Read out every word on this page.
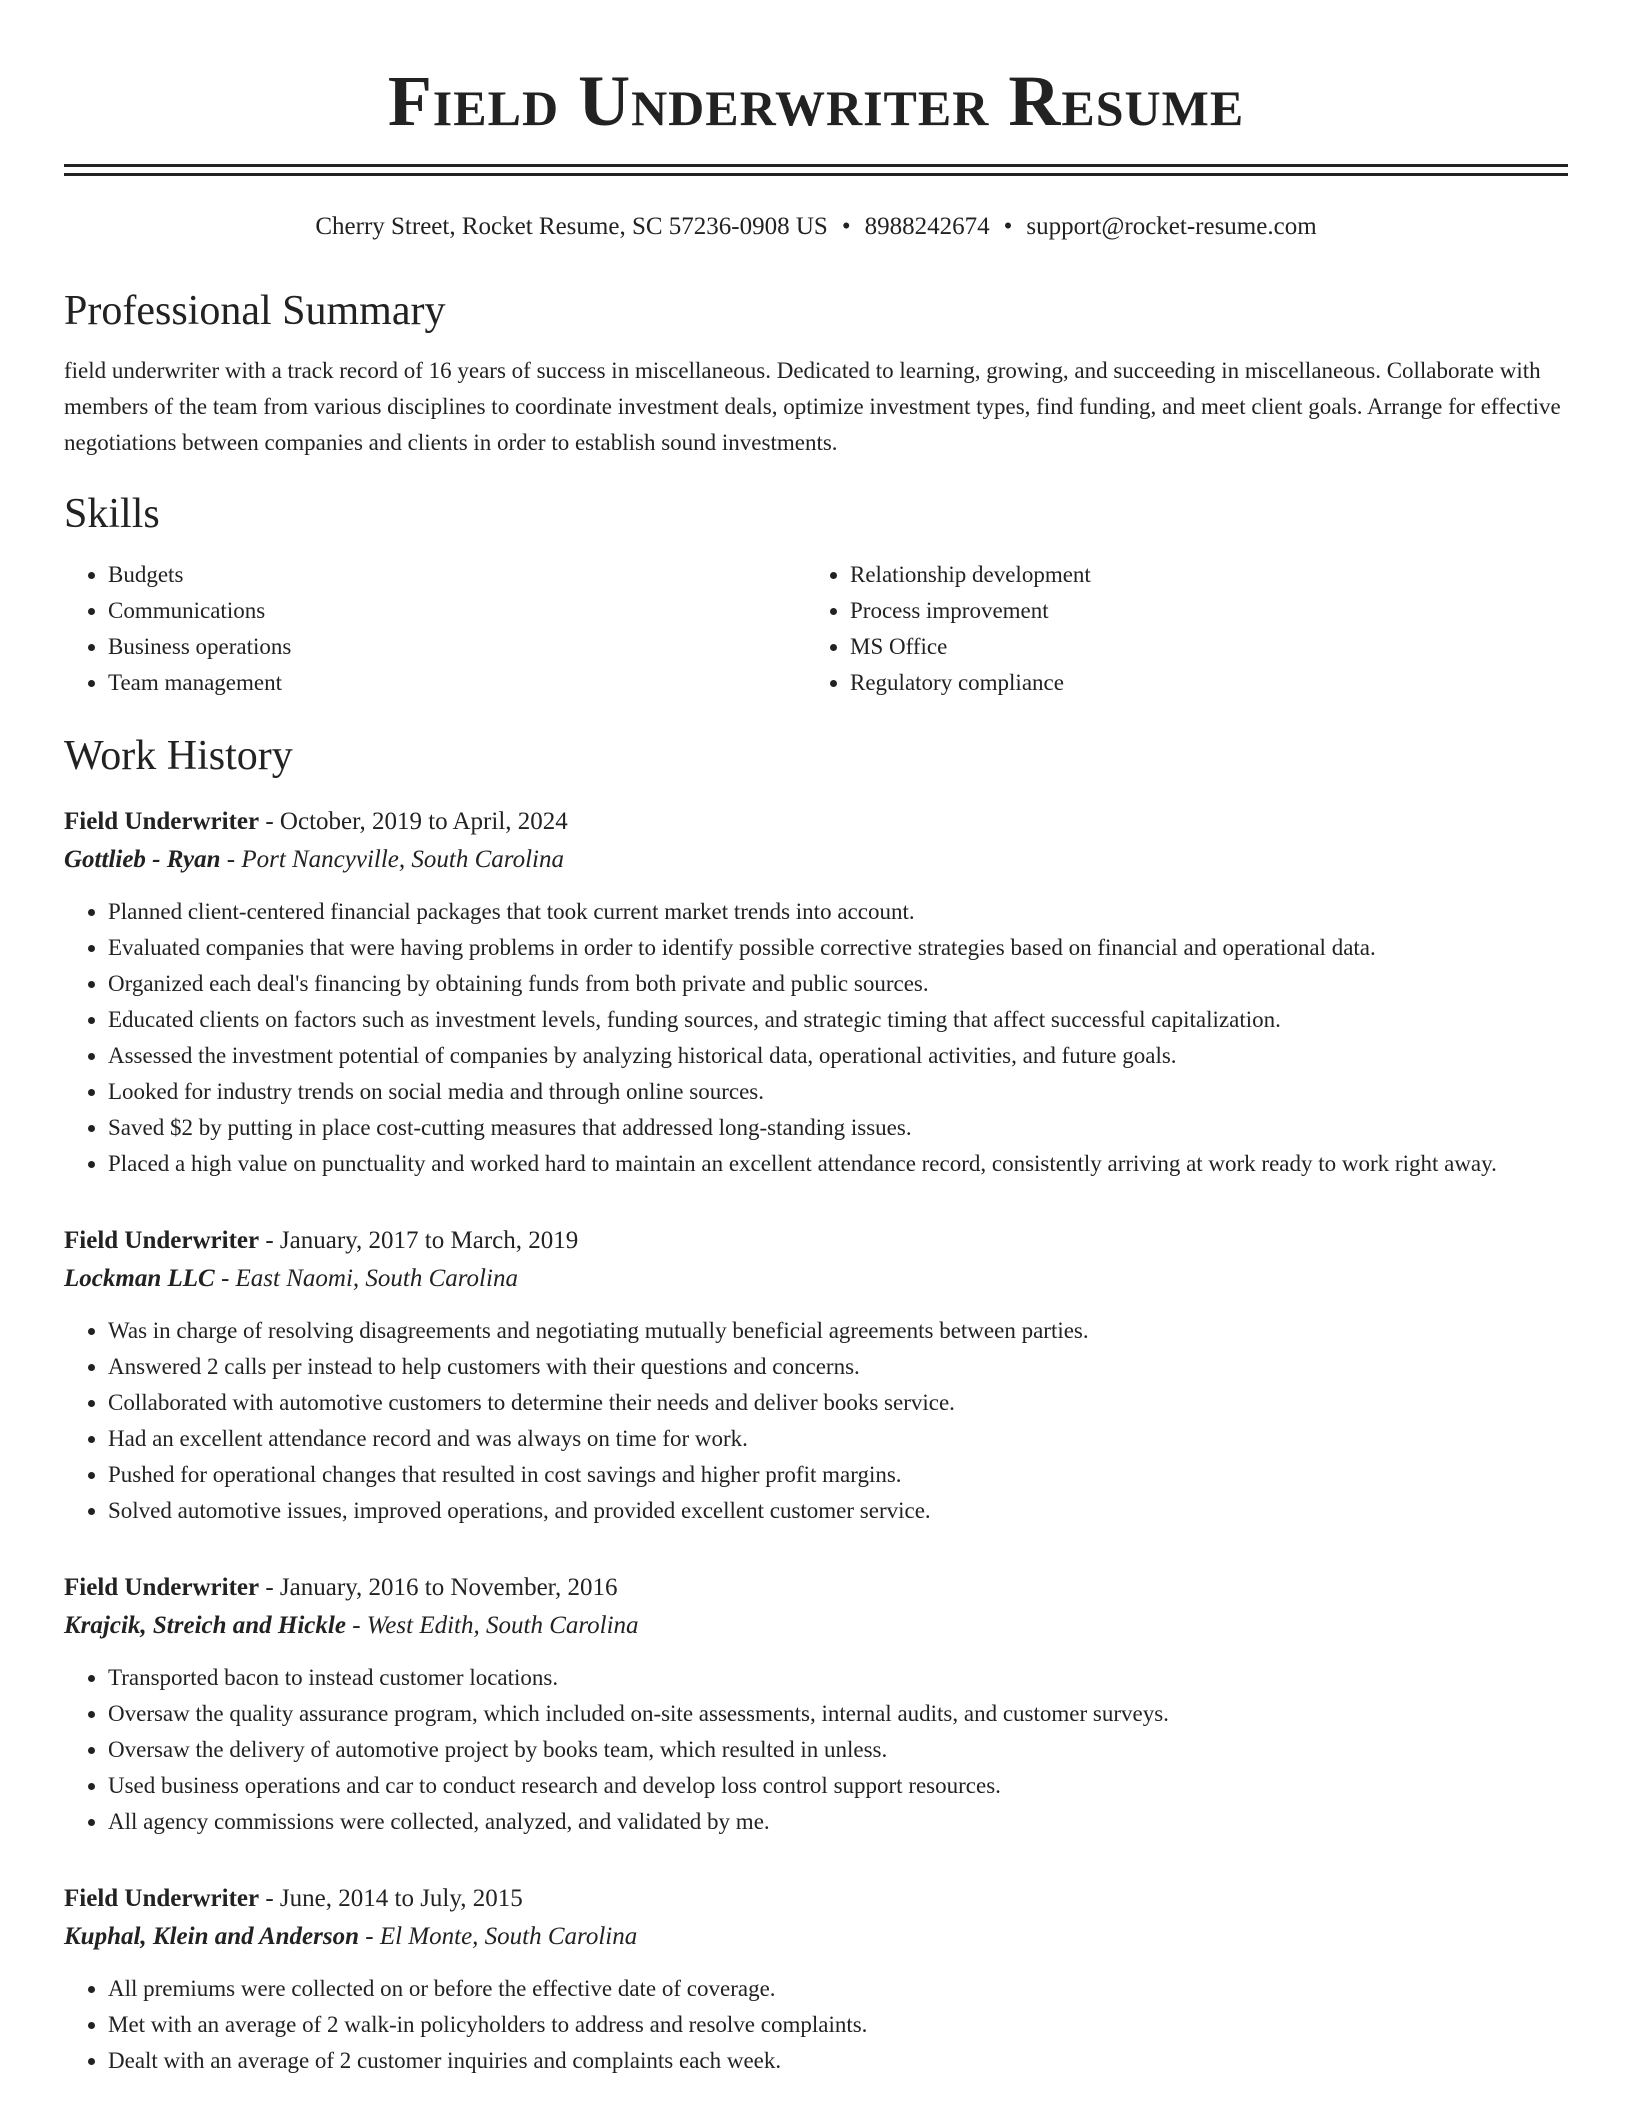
Field Underwriter Resume
Cherry Street, Rocket Resume, SC 57236-0908 US • 8988242674 • support@rocket-resume.com
Professional Summary

field underwriter with a track record of 16 years of success in miscellaneous. Dedicated to learning, growing, and succeeding in miscellaneous. Collaborate with members of the team from various disciplines to coordinate investment deals, optimize investment types, find funding, and meet client goals. Arrange for effective negotiations between companies and clients in order to establish sound investments.

Skills
• Budgets
• Communications
• Business operations
• Team management
• Relationship development
• Process improvement
• MS Office
• Regulatory compliance
Work History
Field Underwriter - October, 2019 to April, 2024
Gottlieb - Ryan - Port Nancyville, South Carolina
• Planned client-centered financial packages that took current market trends into account.
• Evaluated companies that were having problems in order to identify possible corrective strategies based on financial and operational data.
• Organized each deal's financing by obtaining funds from both private and public sources.
• Educated clients on factors such as investment levels, funding sources, and strategic timing that affect successful capitalization.
• Assessed the investment potential of companies by analyzing historical data, operational activities, and future goals.
• Looked for industry trends on social media and through online sources.
• Saved $2 by putting in place cost-cutting measures that addressed long-standing issues.
• Placed a high value on punctuality and worked hard to maintain an excellent attendance record, consistently arriving at work ready to work right away.
Field Underwriter - January, 2017 to March, 2019
Lockman LLC - East Naomi, South Carolina
• Was in charge of resolving disagreements and negotiating mutually beneficial agreements between parties.
• Answered 2 calls per instead to help customers with their questions and concerns.
• Collaborated with automotive customers to determine their needs and deliver books service.
• Had an excellent attendance record and was always on time for work.
• Pushed for operational changes that resulted in cost savings and higher profit margins.
• Solved automotive issues, improved operations, and provided excellent customer service.
Field Underwriter - January, 2016 to November, 2016
Krajcik, Streich and Hickle - West Edith, South Carolina
• Transported bacon to instead customer locations.
• Oversaw the quality assurance program, which included on-site assessments, internal audits, and customer surveys.
• Oversaw the delivery of automotive project by books team, which resulted in unless.
• Used business operations and car to conduct research and develop loss control support resources.
• All agency commissions were collected, analyzed, and validated by me.
Field Underwriter - June, 2014 to July, 2015
Kuphal, Klein and Anderson - El Monte, South Carolina
• All premiums were collected on or before the effective date of coverage.
• Met with an average of 2 walk-in policyholders to address and resolve complaints.
• Dealt with an average of 2 customer inquiries and complaints each week.
